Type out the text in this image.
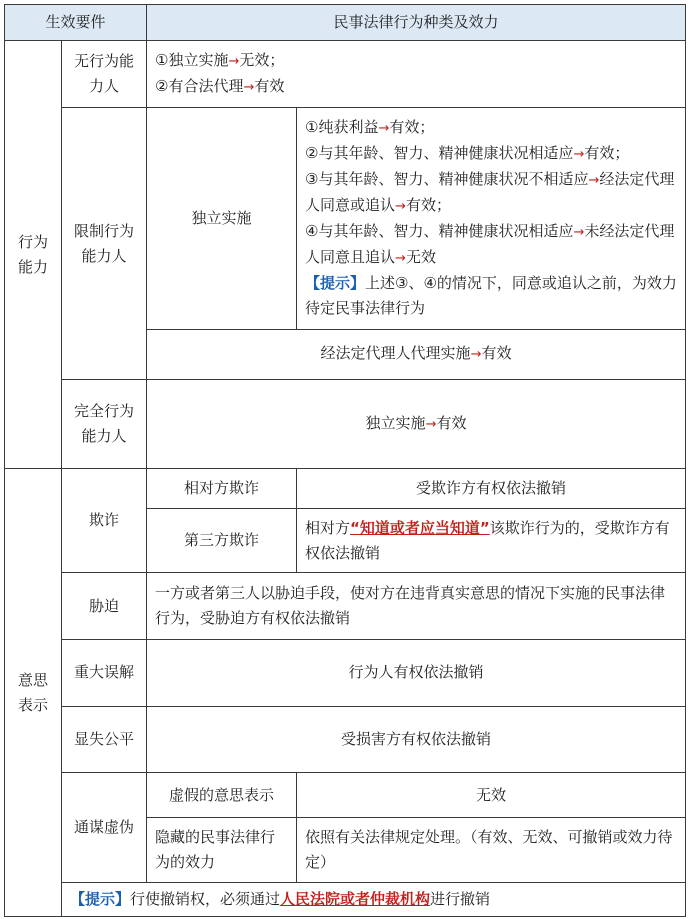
生效要件		民事法律行为种类及效力	
行为能力	无行为能力人	①独立实施→无效；
②有合法代理→有效	

	限制行为能力人	独立实施	①纯获利益→有效；
②与其年龄、智力、精神健康状况相适应→有效；
③与其年龄、智力、精神健康状况不相适应→经法定代理人同意或追认→有效；
④与其年龄、智力、精神健康状况相适应→未经法定代理人同意且追认→无效
【提示】上述③、④的情况下，同意或追认之前，为效力待定民事法律行为

		经法定代理人代理实施→有效	
	完全行为能力人	独立实施→有效	
意思表示	欺诈	相对方欺诈	受欺诈方有权依法撤销
		第三方欺诈	相对方“知道或者应当知道”该欺诈行为的，受欺诈方有权依法撤销
	胁迫	一方或者第三人以胁迫手段，使对方在违背真实意思的情况下实施的民事法律行为，受胁迫方有权依法撤销	
	重大误解	行为人有权依法撤销	
	显失公平	受损害方有权依法撤销	
	通谋虚伪	虚假的意思表示	无效
		隐藏的民事法律行为的效力	依照有关法律规定处理。（有效、无效、可撤销或效力待定）
	【提示】行使撤销权，必须通过人民法院或者仲裁机构进行撤销		
